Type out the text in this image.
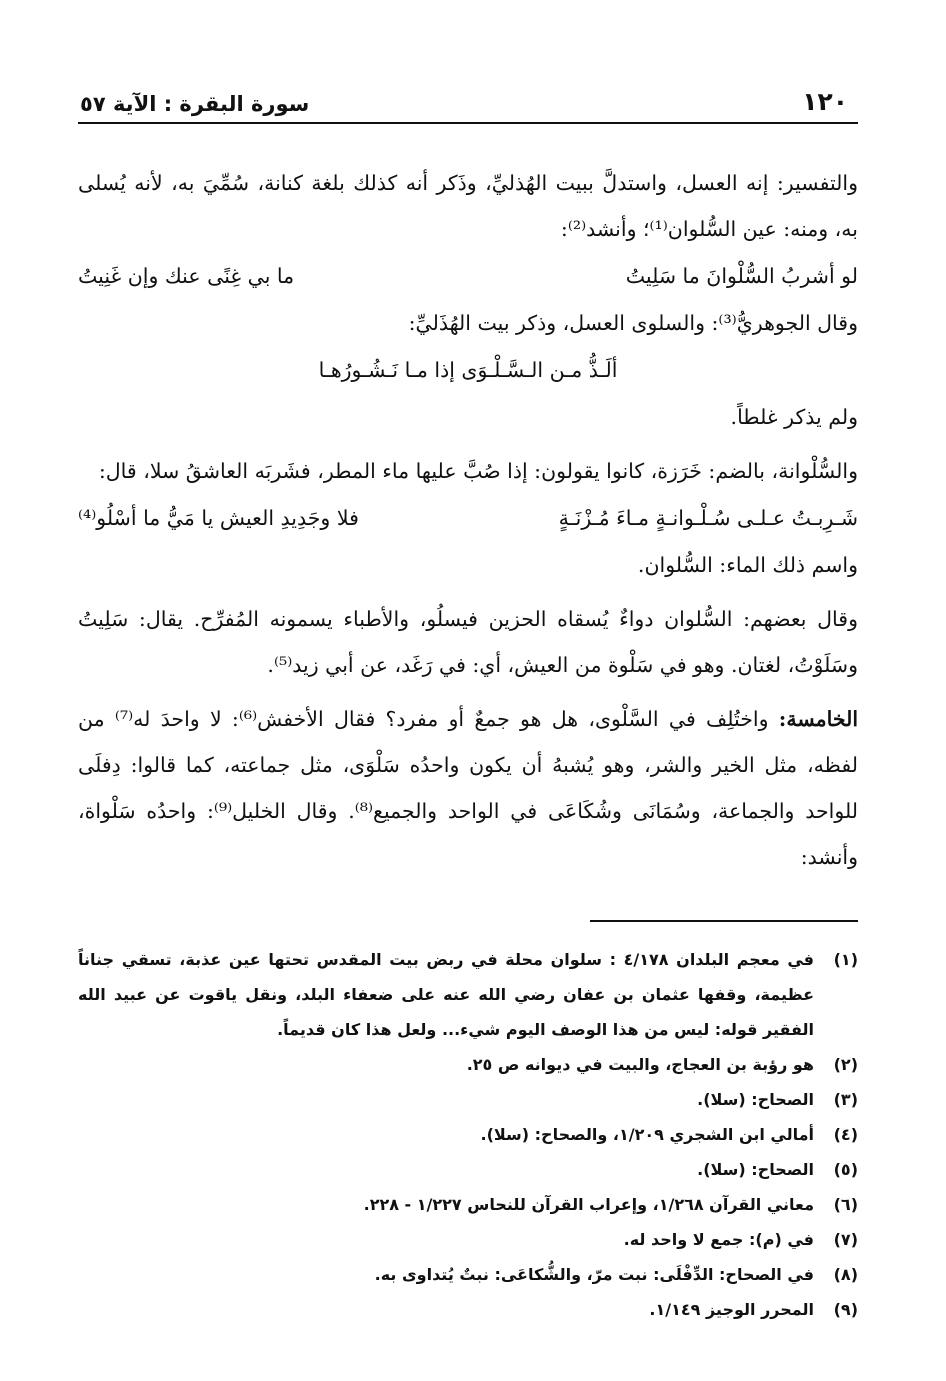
١٢٠
سورة البقرة : الآية ٥٧

والتفسير: إنه العسل، واستدلَّ ببيت الهُذليِّ، وذَكر أنه كذلك بلغة كنانة، سُمِّيَ به، لأنه يُسلى به، ومنه: عين السُّلوان⁽¹⁾؛ وأنشد⁽²⁾:

لو أشربُ السُّلْوانَ ما سَلِيتُ
ما بي غِنًى عنك وإن غَنِيتُ

وقال الجوهريُّ⁽³⁾: والسلوى العسل، وذكر بيت الهُذَليِّ:

ألَـذُّ مـن الـسَّـلْـوَى إذا مـا نَـشُـورُهـا

ولم يذكر غلطاً.

والسُّلْوانة، بالضم: خَرَزة، كانوا يقولون: إذا صُبَّ عليها ماء المطر، فشَربَه العاشقُ سلا، قال:

شَـرِبـتُ عـلـى سُـلْـوانـةٍ مـاءَ مُـزْنَـةٍ
فلا وجَدِيدِ العيش يا مَيُّ ما أسْلُو⁽⁴⁾

واسم ذلك الماء: السُّلوان.

وقال بعضهم: السُّلوان دواءٌ يُسقاه الحزين فيسلُو، والأطباء يسمونه المُفرِّح. يقال: سَلِيتُ وسَلَوْتُ، لغتان. وهو في سَلْوة من العيش، أي: في رَغَد، عن أبي زيد⁽⁵⁾.

الخامسة: واختُلِف في السَّلْوى، هل هو جمعٌ أو مفرد؟ فقال الأخفش⁽⁶⁾: لا واحدَ له⁽⁷⁾ من لفظه، مثل الخير والشر، وهو يُشبهُ أن يكون واحدُه سَلْوَى، مثل جماعته، كما قالوا: دِفلَى للواحد والجماعة، وسُمَانَى وشُكَاعَى في الواحد والجميع⁽⁸⁾. وقال الخليل⁽⁹⁾: واحدُه سَلْواة، وأنشد:

(١)
في معجم البلدان ٤/١٧٨ : سلوان محلة في ربض بيت المقدس تحتها عين عذبة، تسقي جناناً عظيمة، وقفها عثمان بن عفان رضي الله عنه على ضعفاء البلد، ونقل ياقوت عن عبيد الله الفقير قوله: ليس من هذا الوصف اليوم شيء... ولعل هذا كان قديماً.
(٢)
هو رؤبة بن العجاج، والبيت في ديوانه ص ٢٥.
(٣)
الصحاح: (سلا).
(٤)
أمالي ابن الشجري ١/٢٠٩، والصحاح: (سلا).
(٥)
الصحاح: (سلا).
(٦)
معاني القرآن ١/٢٦٨، وإعراب القرآن للنحاس ١/٢٢٧ - ٢٢٨.
(٧)
في (م): جمع لا واحد له.
(٨)
في الصحاح: الدِّفْلَى: نبت مرّ، والشُّكاعَى: نبتٌ يُتداوى به.
(٩)
المحرر الوجيز ١/١٤٩.
